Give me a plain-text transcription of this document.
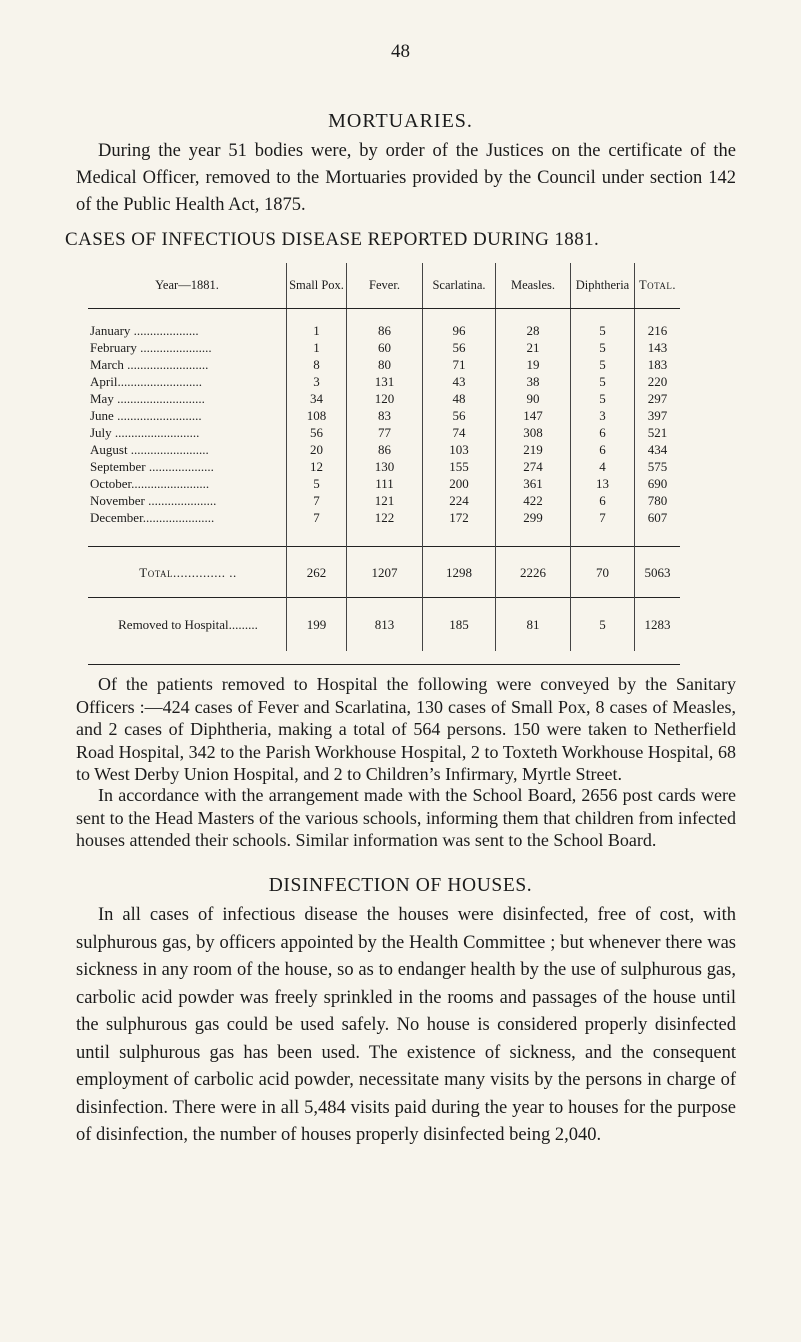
48
MORTUARIES.
During the year 51 bodies were, by order of the Justices on the certificate of the Medical Officer, removed to the Mortuaries provided by the Council under section 142 of the Public Health Act, 1875.
CASES OF INFECTIOUS DISEASE REPORTED DURING 1881.
Year—1881.	Small Pox.	Fever.	Scarlatina.	Measles.	Diphtheria	Total.

January ....................	1	86	96	28	5	216
February ......................	1	60	56	21	5	143
March .........................	8	80	71	19	5	183
April..........................	3	131	43	38	5	220
May ...........................	34	120	48	90	5	297
June ..........................	108	83	56	147	3	397
July ..........................	56	77	74	308	6	521
August ........................	20	86	103	219	6	434
September ....................	12	130	155	274	4	575
October........................	5	111	200	361	13	690
November .....................	7	121	224	422	6	780
December......................	7	122	172	299	7	607

Total.............. ..	262	1207	1298	2226	70	5063
Removed to Hospital.........	199	813	185	81	5	1283
Of the patients removed to Hospital the following were conveyed by the Sanitary Officers :—424 cases of Fever and Scarlatina, 130 cases of Small Pox, 8 cases of Measles, and 2 cases of Diphtheria, making a total of 564 persons. 150 were taken to Netherfield Road Hospital, 342 to the Parish Workhouse Hospital, 2 to Toxteth Workhouse Hospital, 68 to West Derby Union Hospital, and 2 to Children’s Infirmary, Myrtle Street.
In accordance with the arrangement made with the School Board, 2656 post cards were sent to the Head Masters of the various schools, informing them that children from infected houses attended their schools. Similar information was sent to the School Board.
DISINFECTION OF HOUSES.
In all cases of infectious disease the houses were disinfected, free of cost, with sulphurous gas, by officers appointed by the Health Committee ; but whenever there was sickness in any room of the house, so as to endanger health by the use of sulphurous gas, carbolic acid powder was freely sprinkled in the rooms and passages of the house until the sulphurous gas could be used safely. No house is considered properly disinfected until sulphurous gas has been used. The existence of sickness, and the consequent employment of carbolic acid powder, necessitate many visits by the persons in charge of disinfection. There were in all 5,484 visits paid during the year to houses for the purpose of disinfection, the number of houses properly disinfected being 2,040.
